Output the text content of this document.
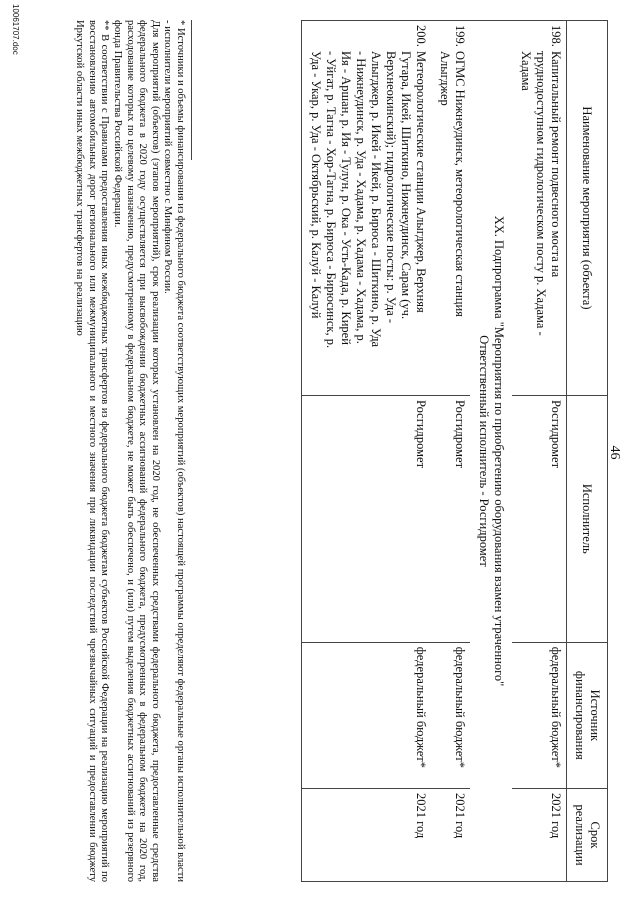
46
Наименование мероприятия (объекта)	Исполнитель	Источник финансирования	Срок реализации
198.Капитальный ремонт подвесного моста на труднодоступном гидрологическом посту р. Хадама - Хадама	Росгидромет	федеральный бюджет*	2021 год

XX. Подпрограмма "Мероприятия по приобретению оборудования взамен утраченного"
Ответственный исполнитель - Росгидромет			

199.ОГМС Нижнеудинск, метеорологическая станция Алыгджер	Росгидромет	федеральный бюджет*	2021 год
200.Метеорологические станции Алыгджер, Верхняя Гутара, Икей, Шиткино, Нижнеудинск, Сарам (уч. Верхнеокинский); гидрологические посты: р. Уда - Алыгджер, р. Икей - Икей, р. Бирюса - Шиткино, р. Уда - Нижнеудинск, р. Уда - Хадама, р. Хадама - Хадама, р. Ия - Аршан, р. Ия - Тулун, р. Ока - Усть-Када, р. Кирей - Уйгат, р. Тагна - Хор-Тагна, р. Бирюса - Бирюсинск, р. Уда - Укар, р. Уда - Октябрьский, р. Калуй - Калуй	Росгидромет	федеральный бюджет*	2021 год

* Источники и объемы финансирования из федерального бюджета соответствующих мероприятий (объектов) настоящей программы определяют федеральные органы исполнительной власти - исполнители мероприятий совместно с Минфином России.

Для мероприятий (объектов) (этапов мероприятий), срок реализации которых установлен на 2020 год, не обеспеченных средствами федерального бюджета, предоставленные средства федерального бюджета в 2020 году осуществляется при высвобождении бюджетных ассигнований федерального бюджета, предусмотренных в федеральном бюджете на 2020 год, расходование которых по целевому назначению, предусмотренному в федеральном бюджете, не может быть обеспечено, и (или) путем выделения бюджетных ассигнований из резервного фонда Правительства Российской Федерации.

** В соответствии с Правилами предоставления иных межбюджетных трансфертов из федерального бюджета бюджетам субъектов Российской Федерации на реализацию мероприятий по восстановлению автомобильных дорог регионального или межмуниципального и местного значения при ликвидации последствий чрезвычайных ситуаций и предоставлении бюджету Иркутской области иных межбюджетных трансфертов на реализацию

10061707.doc
